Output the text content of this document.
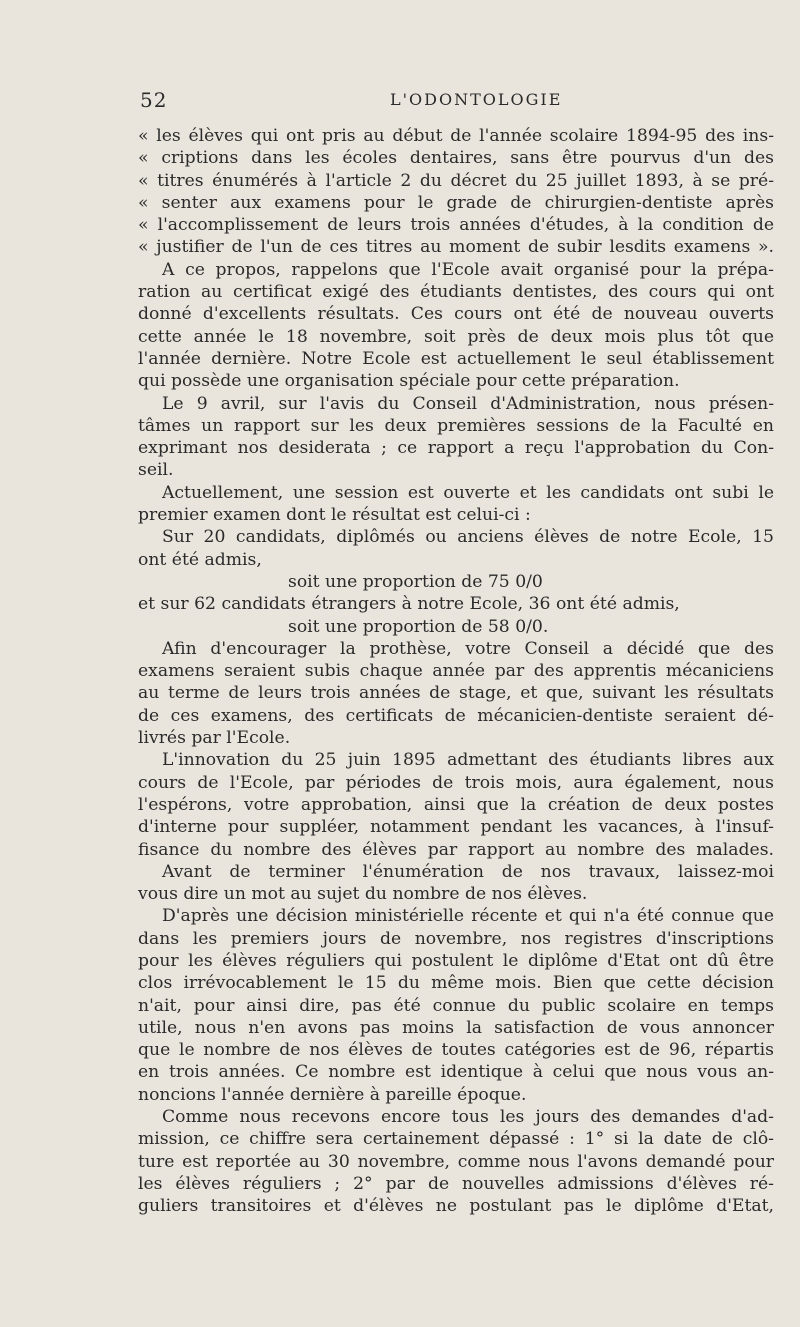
52	L'ODONTOLOGIE
« les élèves qui ont pris au début de l'année scolaire 1894-95 des ins-
« criptions dans les écoles dentaires, sans être pourvus d'un des
« titres énumérés à l'article 2 du décret du 25 juillet 1893, à se pré-
« senter aux examens pour le grade de chirurgien-dentiste après
« l'accomplissement de leurs trois années d'études, à la condition de
« justifier de l'un de ces titres au moment de subir lesdits examens ».
A ce propos, rappelons que l'Ecole avait organisé pour la prépa-
ration au certificat exigé des étudiants dentistes, des cours qui ont
donné d'excellents résultats. Ces cours ont été de nouveau ouverts
cette année le 18 novembre, soit près de deux mois plus tôt que
l'année dernière. Notre Ecole est actuellement le seul établissement
qui possède une organisation spéciale pour cette préparation.
Le 9 avril, sur l'avis du Conseil d'Administration, nous présen-
tâmes un rapport sur les deux premières sessions de la Faculté en
exprimant nos desiderata ; ce rapport a reçu l'approbation du Con-
seil.
Actuellement, une session est ouverte et les candidats ont subi le
premier examen dont le résultat est celui-ci :
Sur 20 candidats, diplômés ou anciens élèves de notre Ecole, 15
ont été admis,
soit une proportion de 75 0/0
et sur 62 candidats étrangers à notre Ecole, 36 ont été admis,
soit une proportion de 58 0/0.
Afin d'encourager la prothèse, votre Conseil a décidé que des
examens seraient subis chaque année par des apprentis mécaniciens
au terme de leurs trois années de stage, et que, suivant les résultats
de ces examens, des certificats de mécanicien-dentiste seraient dé-
livrés par l'Ecole.
L'innovation du 25 juin 1895 admettant des étudiants libres aux
cours de l'Ecole, par périodes de trois mois, aura également, nous
l'espérons, votre approbation, ainsi que la création de deux postes
d'interne pour suppléer, notamment pendant les vacances, à l'insuf-
fisance du nombre des élèves par rapport au nombre des malades.
Avant de terminer l'énumération de nos travaux, laissez-moi
vous dire un mot au sujet du nombre de nos élèves.
D'après une décision ministérielle récente et qui n'a été connue que
dans les premiers jours de novembre, nos registres d'inscriptions
pour les élèves réguliers qui postulent le diplôme d'Etat ont dû être
clos irrévocablement le 15 du même mois. Bien que cette décision
n'ait, pour ainsi dire, pas été connue du public scolaire en temps
utile, nous n'en avons pas moins la satisfaction de vous annoncer
que le nombre de nos élèves de toutes catégories est de 96, répartis
en trois années. Ce nombre est identique à celui que nous vous an-
noncions l'année dernière à pareille époque.
Comme nous recevons encore tous les jours des demandes d'ad-
mission, ce chiffre sera certainement dépassé : 1° si la date de clô-
ture est reportée au 30 novembre, comme nous l'avons demandé pour
les élèves réguliers ; 2° par de nouvelles admissions d'élèves ré-
guliers transitoires et d'élèves ne postulant pas le diplôme d'Etat,
